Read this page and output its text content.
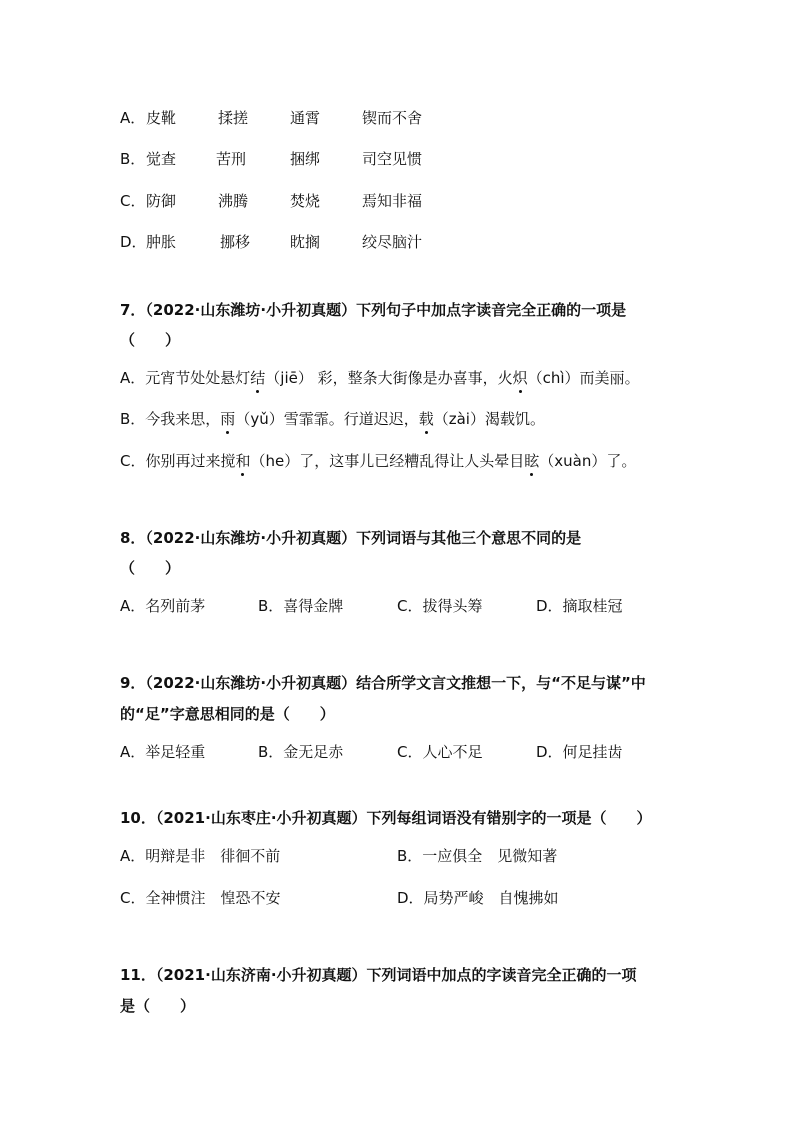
A． 皮靴	揉搓	通霄	锲而不舍
B． 觉查	苦刑	捆绑	司空见惯
C． 防御	沸腾	焚烧	焉知非福
D． 肿胀	挪移	眈搁	绞尽脑汁
7．（2022·山东潍坊·小升初真题）下列句子中加点字读音完全正确的一项是
（　　）
A．元宵节处处悬灯结（jiē） 彩，整条大街像是办喜事，火炽（chì）而美丽。
B．今我来思，雨（yǔ）雪霏霏。行道迟迟，载（zài）渴载饥。
C．你别再过来搅和（he）了，这事儿已经糟乱得让人头晕目眩（xuàn）了。
8．（2022·山东潍坊·小升初真题）下列词语与其他三个意思不同的是
（　　）
A．名列前茅	B．喜得金牌	C．拔得头筹	D．摘取桂冠
9．（2022·山东潍坊·小升初真题）结合所学文言文推想一下，与“不足与谋”中
的“足”字意思相同的是（　　）
A．举足轻重	B．金无足赤	C．人心不足	D．何足挂齿
10．（2021·山东枣庄·小升初真题）下列每组词语没有错别字的一项是（　　）
A．明辩是非　徘徊不前	B．一应俱全　见微知著
C．全神惯注　惶恐不安	D．局势严峻　自愧拂如
11．（2021·山东济南·小升初真题）下列词语中加点的字读音完全正确的一项
是（　　）
